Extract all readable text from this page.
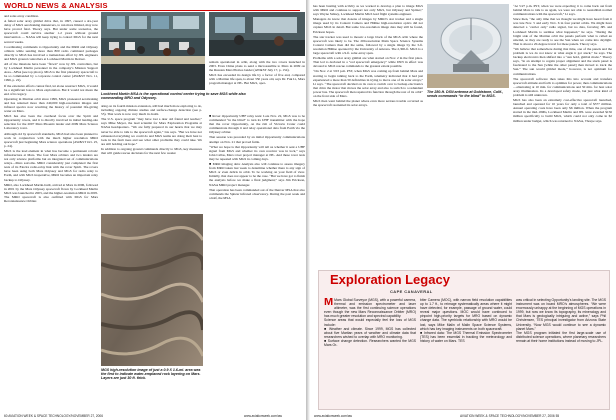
WORLD NEWS & ANALYSIS

and solar-array condition.

A failed solar array gimbal drive that, in 1997, caused a six-year delay of MGS aerobraking maneuvers, to run more limited, may now have proved fatal. Theory says. But under some scenarios, the spacecraft could survive another 1-2 years without ground intervention — NASA will keep trying to contact MGS for the next several weeks.

Coordinating commands to Opportunity and the MRO and Odyssey orbiters while sending more than 800 radio command packages directly to MGS has involved a tremendous effort by JPL engineers and MGS ground controllers at Lockheed Martin in Denver.

All of the missions have been “flown” now by JPL controllers, but by Lockheed Martin personnel in the company’s Mission Support Area—MSA (see top photo). MGS is the first planetary spacecraft to be so commanded by a corporate control center (AW&ST Nov. 11, 1996, p. 22).

If the extensive efforts cannot find, let alone resurrect MGS, it would be a significant loss to Mars exploration. But it would not mean the end of its legacy.

Operating in Martian orbit since 1999, MGS pioneered aerobraking and has returned more than 240,000 high-resolution images and infrared spectra now rewriting the history of potential life-giving water on Mars.

MGS has also been the overhead focus over the Spirit and Opportunity rovers, and it is directly involved in initial landing-site selection for the 2007 Mars Phoenix lander and 2009 Mars Science Laboratory rover.

Although old by spacecraft standards, MGS had also been planned to work in conjunction with the much higher resolution MRO spacecraft just beginning Mars science operations (AW&ST Oct. 25, p. 24).

MGS is the lead element in what has become a permanent robotic infrastructure at Mars. The four Mars orbiters and two landers are not only science platforms but an integrated set of communications relays—Mars satcoms. MRO considerably just completed the first tests of its Electra radio-relay link with the rover Spirit. The rovers have been using both Mars Odyssey and MGS for radio relay to Earth, and with MGS inoperative, MRO becomes an important relay backup to Odyssey.

MRO, also Lockheed Martin-built, arrived at Mars in 2006, followed in 2001 by the Mars Odyssey spacecraft flown by Lockheed Martin MGS was launched in 2003, and the higher-resolution MRO in 2005. The MRO spacecraft is also outfitted with MGS for Mars Reconnaissance Orbiter.

Lockheed Martin MSA is the operational control center trying to save MGS while also commanding MRO and Odyssey.

ating on its fourth mission extension, still had much more exploring to do, including ongoing climate studies and surface-change detection (see p. 55). That work is now very much in doubt.

The U.S. space program “may have lost a dear old friend and teacher,” says Mike Meyer, the lead scientist for Mars Exploration Programs at NASA headquarters. “We are fully prepared in our hearts that we may never be able to talk to the spacecraft again,” Liu says. “But we have not exhausted everything we could do and MGS teams are doing their best to look in the fault trees and see what other problems they could take. We are still holding out hope.”

In addition to ongoing ground commands directly to MGS, key measures that will guide rescue decisions for the next few weeks:

remain operational in orbit, along with the two rovers launched in 2003. Even China plans to send a microsatellite to Mars in 2009 on the Russian Mars Phobos lander (AW&ST July 17, p. 154).

MGS has exceeded its design life by a factor of five and, compared with a Martian life span, is about 350 years old, says Dr. Fuk Li, Mars program manager at JPL. But MGS, oper-

MGS high-resolution image of just a 0.9 X 1.6-mi. area was the first to indicate water-emplaced rock layering on Mars. Layers are just 30 ft. thick.

■ Rover Opportunity UHF relay tests: Late Nov. 22, MGS was to be commanded “in the blind” to turn its UHF transmitter with the hope that the rover Opportunity, on the rim of Victoria Crater could communicate through it and relay operational data from Earth via the Odyssey orbiter.

That session was preceded by an initial Opportunity communications attempt on Nov. 21 that proved futile.

“What we hope is that Opportunity will tell us whether it sent a UHF signal from MGS and whether its own receiver was in lock,” says John Callas, Mars rover project manager at JPL. And these rover tests may be repeated with MGS in coming days.

■ MRO imaging data: Analysts also will continue to assess imagery from MRO taken last week to determine whether there is any sign of MGS or even debris in orbit. To be working on your field of view. Initially, that does not appear to be the case. “But we have got to finish the analysis before we make a final judgment,” says Jim Erickson, NASA MRO project manager.

That operation has been commanded out of the Denver MSA that also commands the Spitzer infrared observatory. During the past week and a half, the MSA

has been busting with activity as we worked to develop a plan to image MGS with MRO and continue to support not only MGS, but Odyssey and Spitzer,” says Wayne Sidney, Lockheed Martin MGS lead flight systems engineer.

Managers do know that dozens of images by MRO’s star tracker and a single image used by its Context Camera and HiRise high-resolution optics did not capture MGS in detail. But some low-resolution image data may still be found, Erickson hopes.

The star tracker was used to mosaic a large block of the MGS orbit where the spacecraft was likely to be. The 200-resolution Main Space Science Systems Context Camera then did the same, followed by a single image by the 3-ft. resolution HiRise operated by the University of Arizona. The 2,300-ft. MGS is a large spacecraft with a 9-ft. solar-array span.

Problems with a solar array gimbal are what started on Nov. 2 in the first place. That led to declared in a "red spacecraft emergency" while DSN in effect was devoted to MGS rescue commands to the greatest extent possible.

“On Nov. 2 at 3:03 p.m. PST, when MGS was coming up from behind Mars and starting to begin talking back to the Earth, telemetry indicated that it had just experienced a more than 50 deficulties in trying to move one of its solar arrays,” Li says. “The spacecraft decided on its own to switch over to backup electronics that drive the motor that moves the solar array and also to switch to a redundant power bus. The spacecraft then repaired its function through the rest of its orbit” on the front side of Mars.

MGS then went behind the planet where even more serious trouble occurred as the spacecraft reoriented its solar arrays.

The 280-ft. DSN antenna at Goldstone, Calif., sends commands “in the blind” to MGS.

“At 5:27 p.m. PST, when we were expecting it to come back out from behind Mars to talk to us again, we were not able to reestablish normal communications with the spacecraft,” Li says.

Since then, “the only time that we thought we might have heard from it was late Nov. 5 and early Nov. 6 in four partial orbits. We might have detected a ‘carrier only’ radio signal, but no data, favoring JPL and Lockheed Martin to surmise what happened,” he says. “During the bright side of the Martian orbit the panels perform what is called an unwind, so they are ready to see the Sun when we come into daylight. That is about a 20-degree travel for these panels. Theory says.

“We believe that somewhere during that time, one of the panels and the problem is we do not know at what angle it got stuck,” he says. The backup electronics then shifted into a “sun hold, gimbal mode.” Theory says, “in an attempt to regain proper alignment and the stuck panel is fascinated to the Sun [while the other panel] then moved to track the Sun.” The sun would gimbal mode,” however, is not optimum for communications.

The spacecraft software then takes this into account and transfers spacecraft attitude and forth to optimize for power, then communications—alternating at 10 min. for communications and 50 min. for best solar array illumination. Its a developed safety mode, but just what kind of problem is still unknown.

MGS has also been an extremely cost-effective spacecraft launched, launched and operated for 10 years for only a total of $377 million. Annual operating costs have been only $6 million. When the program started in the mid-1990s, Lockheed Martin and JPL were awarded $156 million specifically to build MGS, which could not only come in $2 million under budget, which was returned to NASA, Thorpe says.

Exploration Legacy
CAPE CANAVERAL
M Mars Global Surveyor (MGS), with a powerful camera, thermal and emission spectrometer and laser altimeter, was the first continuing science operations even though the new Mars Reconnaissance Orbiter (MRO) has much greater resolution and spectral capability.

Science areas that would especially feel the loss of MGS include:

■ Weather and climate. Since 1999, MGS has collected about five Martian years of weather and climate data that researchers wished to overlap with MRO monitoring.

■ Surface change detection. Researchers wanted the MGS Mars Or-

biter Camera (MOC), with narrow field resolution capabilities up to 1.7 ft., to reimage systematically areas where it might have detected, for example, passage of ground water, could reveal major questions. MOC would have continued to pinpoint high-priority targets for MRO based on dynamic change data. The symbiotic relationship with MRO would be lost, says Mike Malin of Malin Space Science Systems, which has key imaging instruments on both spacecraft.

■ Infrared data: The MGS Thermal Emission Spectrometer (TES) has been essential in tracking the meteorology and history of water on Mars. TES

was critical in selecting Opportunity’s landing site. The MGS instrument was on board MRO’s atmospheres. “We were enormously unhappy at the beginning of MGS operations in 1999, but now we know its topography, its mineralogy and that Mars is geologically intriguing and active,” says Phil Christensen, TES principal investigator from Arizona State University. “Now MGS would continue to see a dynamic planet Mars.”

The MGS program initiated the first large-scale use of distributed science operations, where planetary researchers remain at their home institutions instead of moving to JPL.

60 AVIATION WEEK & SPACE TECHNOLOGY/NOVEMBER 27, 2006	www.aviationweek.com/aw	www.aviationweek.com/aw	AVIATION WEEK & SPACE TECHNOLOGY/NOVEMBER 27, 2006 55
